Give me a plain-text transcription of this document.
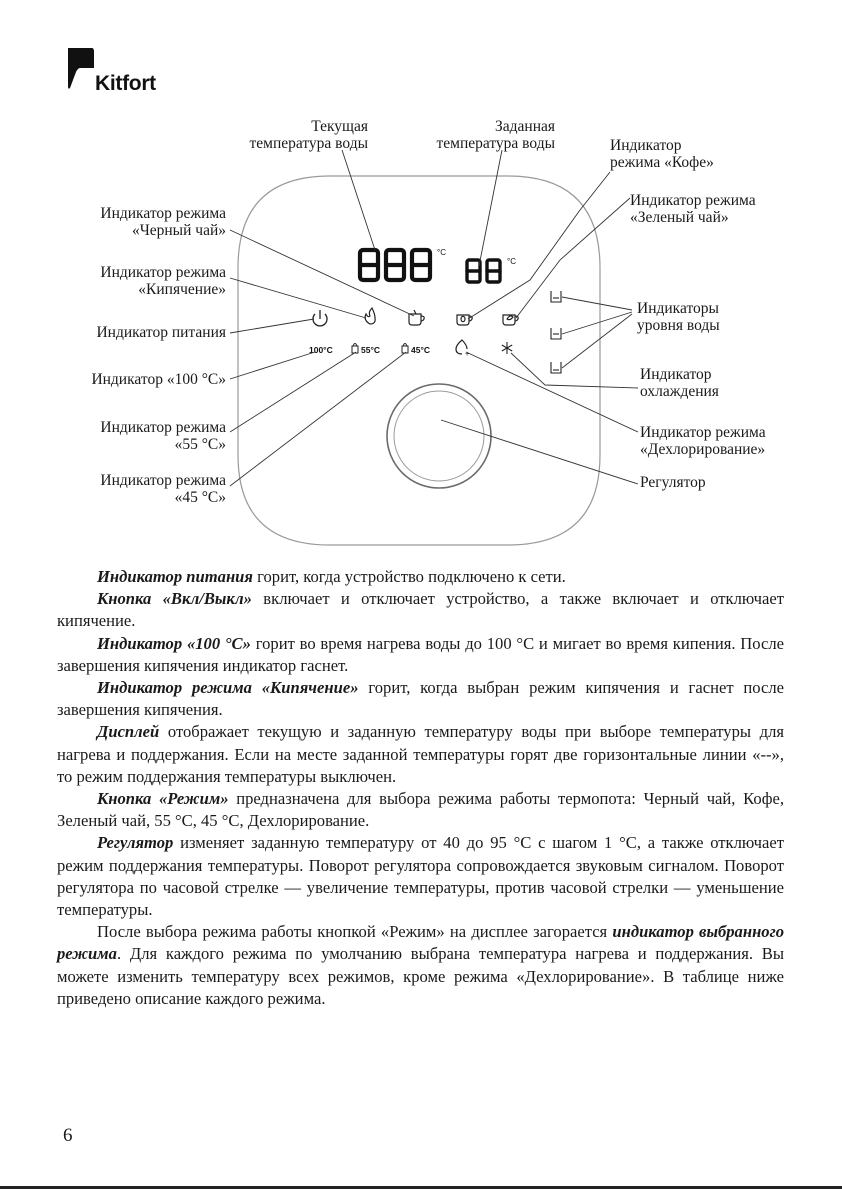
Kitfort
°C
°C
100°C	55°C	45°C	+
Текущая
температура воды
Заданная
температура воды	Индикатор
режима «Кофе»
Индикатор режима
«Зеленый чай»
Индикатор режима
«Черный чай»
Индикатор режима
«Кипячение»
Индикатор питания
Индикаторы
уровня воды
Индикатор «100 °С»	Индикатор
охлаждения
Индикатор режима
«55 °С»
Индикатор режима
«Дехлорирование»
Индикатор режима
«45 °С»
Регулятор

Индикатор питания горит, когда устройство подключено к сети.

Кнопка «Вкл/Выкл» включает и отключает устройство, а также включает и отключает кипячение.

Индикатор «100 °С» горит во время нагрева воды до 100 °С и мигает во время кипения. После завершения кипячения индикатор гаснет.

Индикатор режима «Кипячение» горит, когда выбран режим кипячения и гаснет после завершения кипячения.

Дисплей отображает текущую и заданную температуру воды при выборе температуры для нагрева и поддержания. Если на месте заданной температуры горят две горизонтальные линии «--», то режим поддержания температуры выключен.

Кнопка «Режим» предназначена для выбора режима работы термопота: Черный чай, Кофе, Зеленый чай, 55 °С, 45 °С, Дехлорирование.

Регулятор изменяет заданную температуру от 40 до 95 °С с шагом 1 °С, а также отключает режим поддержания температуры. Поворот регулятора сопровождается звуковым сигналом. Поворот регулятора по часовой стрелке — увеличение температуры, против часовой стрелки — уменьшение температуры.

После выбора режима работы кнопкой «Режим» на дисплее загорается индикатор выбранного режима. Для каждого режима по умолчанию выбрана температура нагрева и поддержания. Вы можете изменить температуру всех режимов, кроме режима «Дехлорирование». В таблице ниже приведено описание каждого режима.

6
